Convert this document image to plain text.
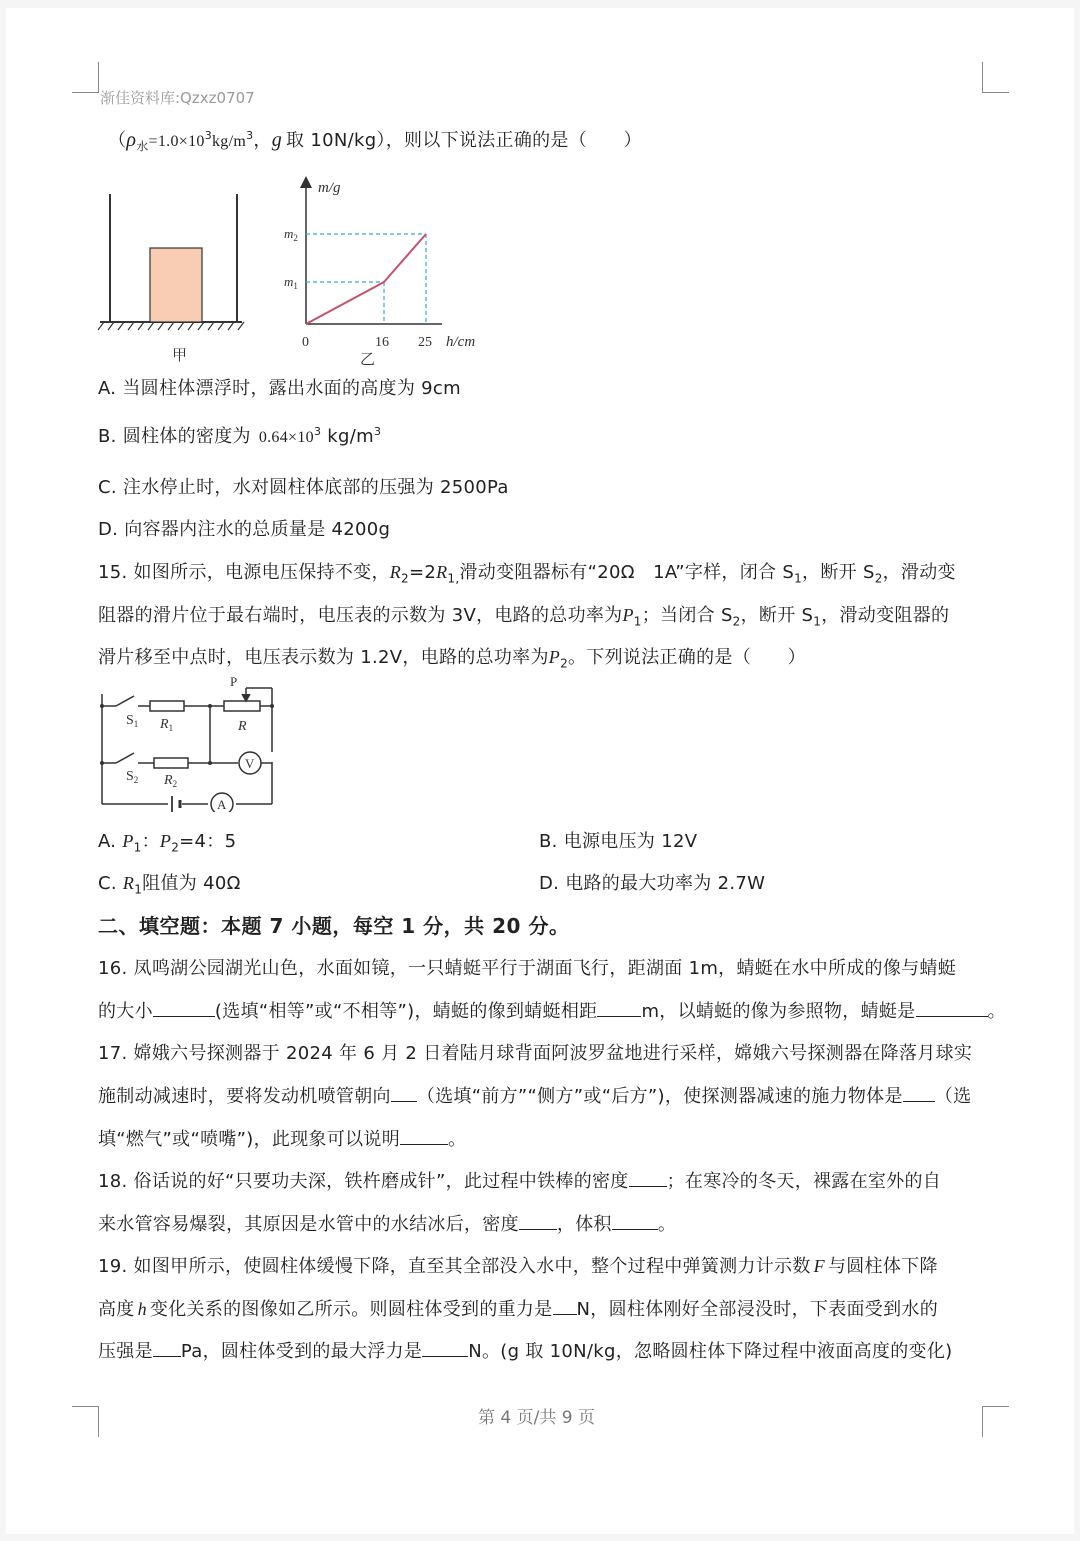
渐佳资料库:Qzxz0707
（$\rho_水=1.0\times 10^3kg/m^3$，g 取 10N/kg），则以下说法正确的是（　　）
甲
m/g
h/cm
0	16 25
$m_2$
$m_1$
乙
A. 当圆柱体漂浮时，露出水面的高度为 9cm
B. 圆柱体的密度为 $0.64\times 10^3$ $kg/m^3$
C. 注水停止时，水对圆柱体底部的压强为 2500Pa
D. 向容器内注水的总质量是 4200g
15. 如图所示，电源电压保持不变，$R_2=2R_{1,}$滑动变阻器标有“20Ω　1A”字样，闭合 $S_1$，断开 $S_2$，滑动变
阻器的滑片位于最右端时，电压表的示数为 3V，电路的总功率为$P_1$；当闭合 $S_2$，断开 $S_1$，滑动变阻器的
滑片移至中点时，电压表示数为 1.2V，电路的总功率为$P_2$。下列说法正确的是（　　）
P
$S_1$ $R_1$	R
$S_2$ $R_2$
V
A
A. $P_1$：$P_2=4$：5	B. 电源电压为 12V
C. $R_1$阻值为 40Ω	D. 电路的最大功率为 2.7W
二、填空题：本题 7 小题，每空 1 分，共 20 分。
16. 凤鸣湖公园湖光山色，水面如镜，一只蜻蜓平行于湖面飞行，距湖面 1m，蜻蜓在水中所成的像与蜻蜓
的大小	(选填“相等”或“不相等”)，蜻蜓的像到蜻蜓相距 m，以蜻蜓的像为参照物，蜻蜓是	。
17. 嫦娥六号探测器于 2024 年 6 月 2 日着陆月球背面阿波罗盆地进行采样，嫦娥六号探测器在降落月球实
施制动减速时，要将发动机喷管朝向 （选填“前方”“侧方”或“后方”)，使探测器减速的施力物体是 （选
填“燃气”或“喷嘴”)，此现象可以说明	。
18. 俗话说的好“只要功夫深，铁杵磨成针”，此过程中铁棒的密度 ；在寒冷的冬天，裸露在室外的自
来水管容易爆裂，其原因是水管中的水结冰后，密度 ，体积	。
19. 如图甲所示，使圆柱体缓慢下降，直至其全部没入水中，整个过程中弹簧测力计示数 F 与圆柱体下降
高度 h 变化关系的图像如乙所示。则圆柱体受到的重力是 N，圆柱体刚好全部浸没时，下表面受到水的
压强是 Pa，圆柱体受到的最大浮力是	N。(g 取 10N/kg，忽略圆柱体下降过程中液面高度的变化)
第 4 页/共 9 页
